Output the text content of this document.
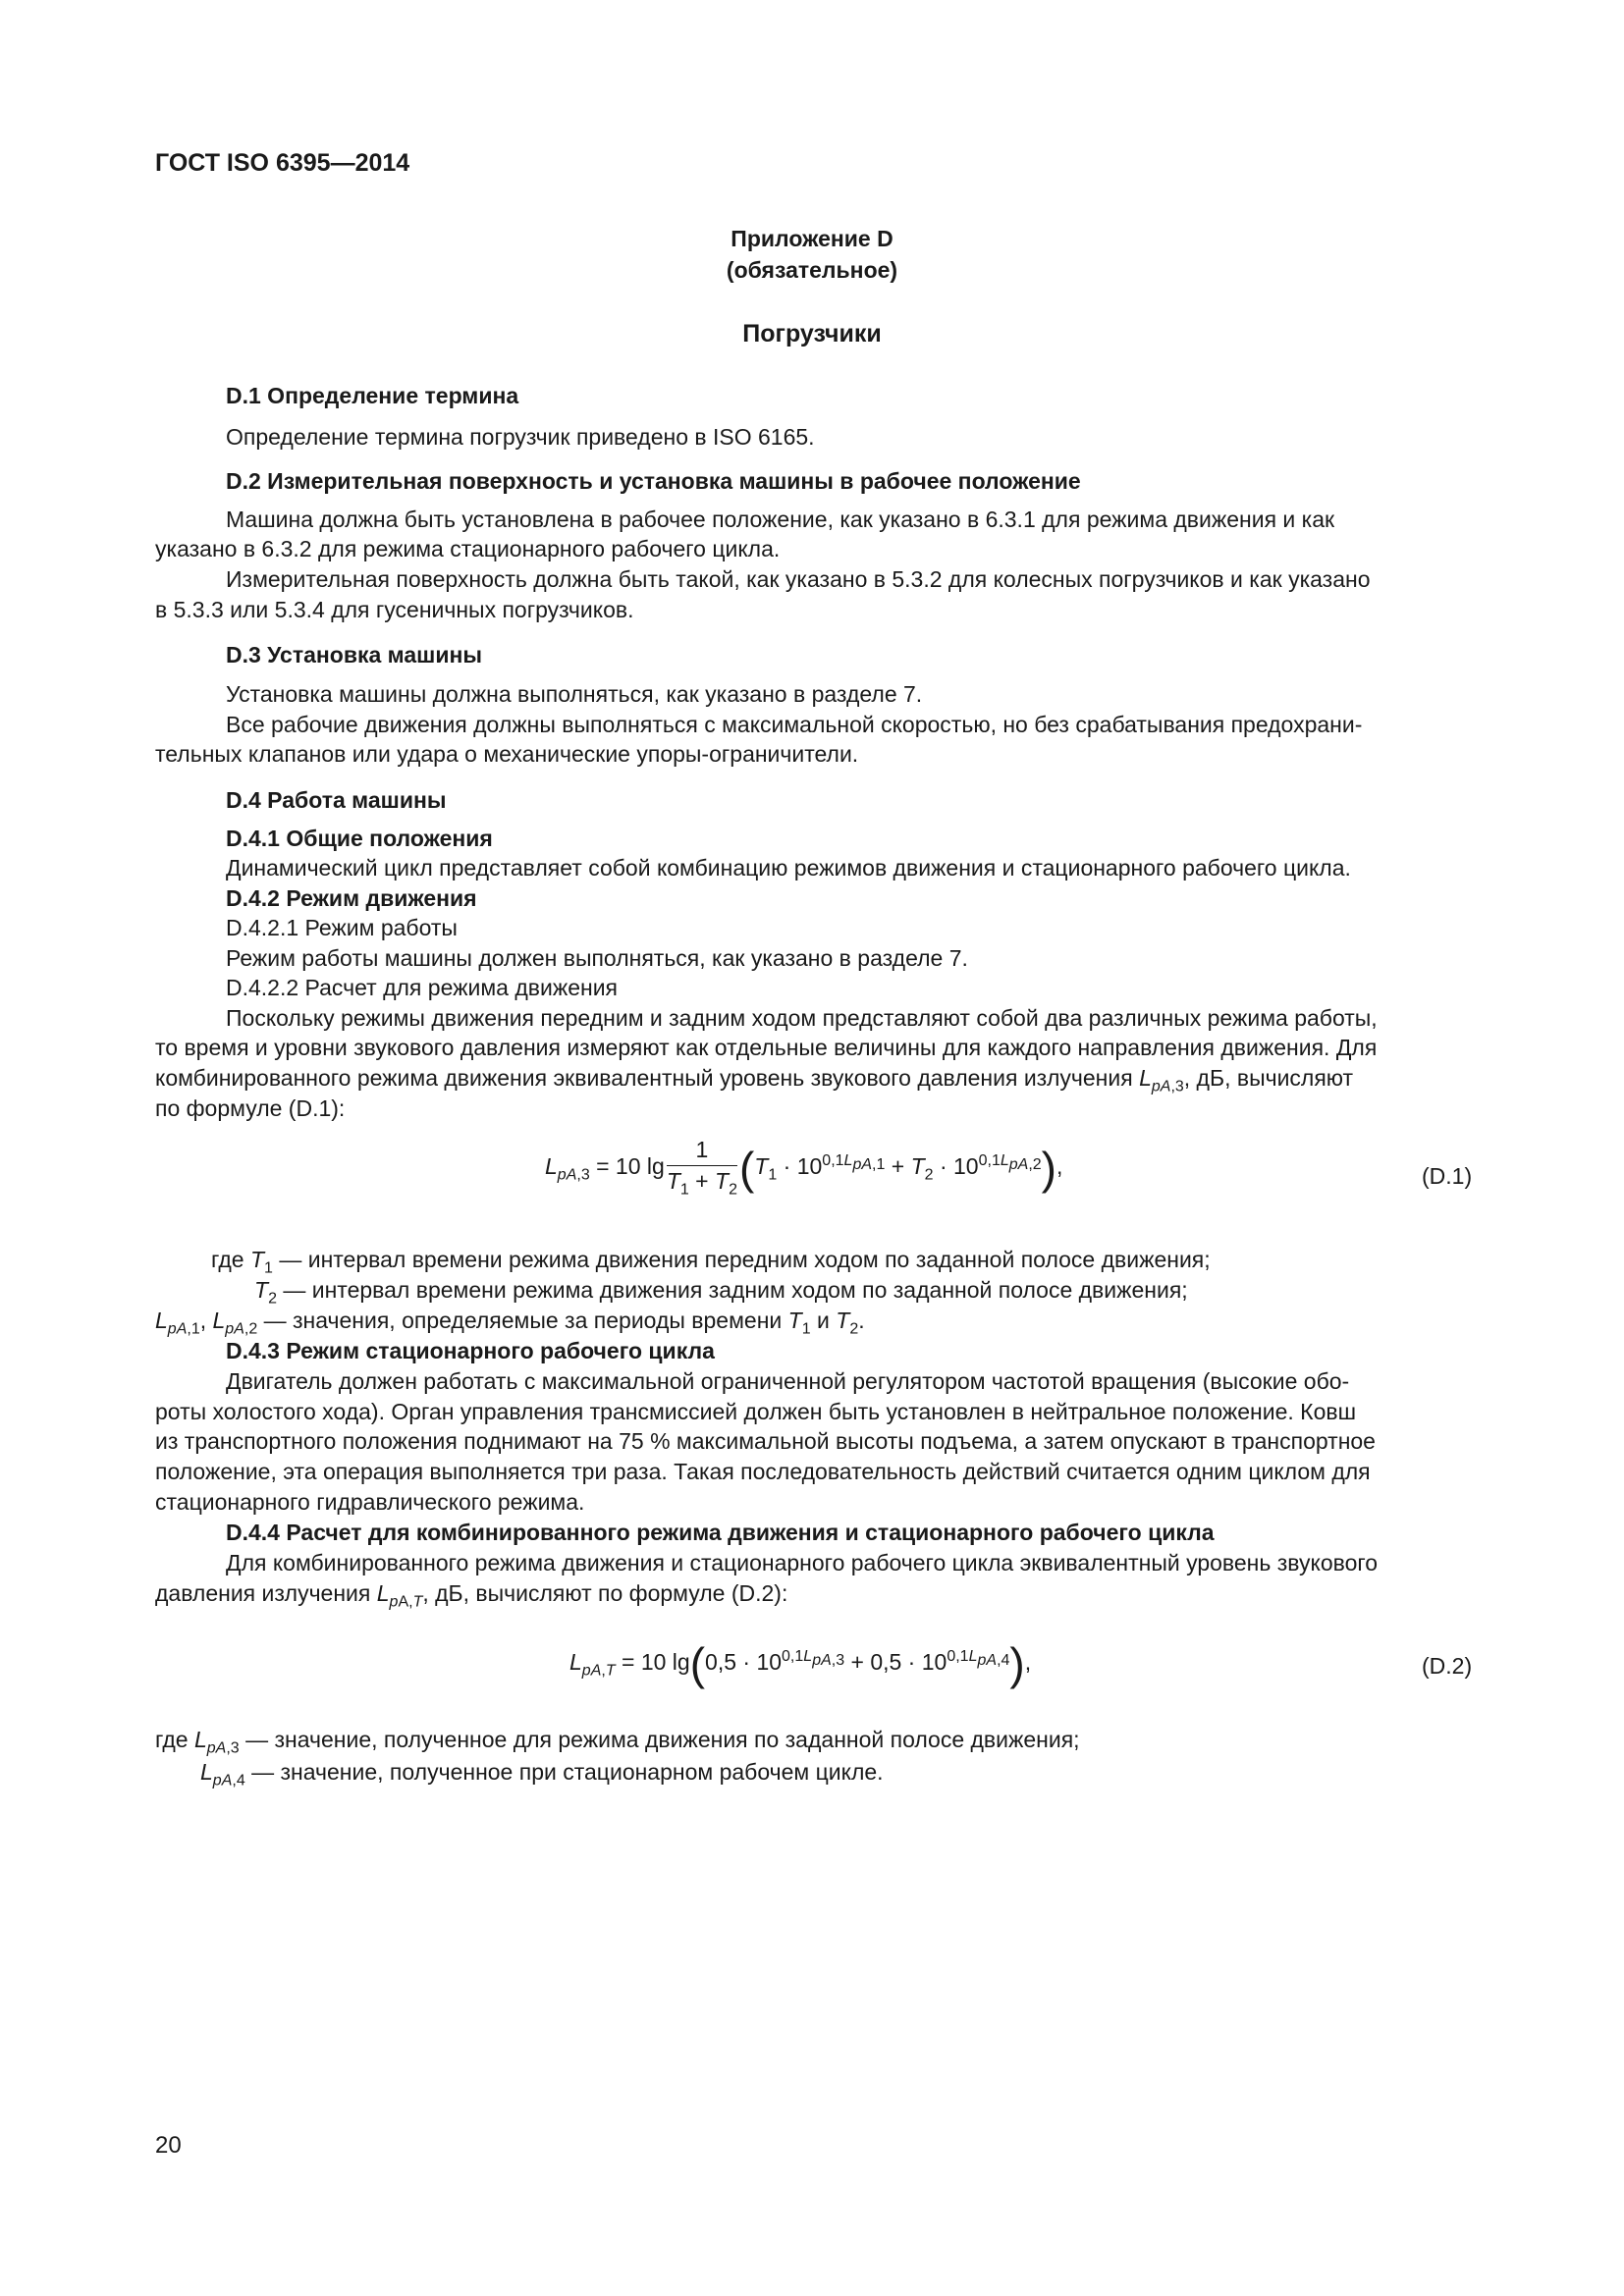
ГОСТ ISO 6395—2014
Приложение D
(обязательное)
Погрузчики
D.1 Определение термина
Определение термина погрузчик приведено в ISO 6165.
D.2 Измерительная поверхность и установка машины в рабочее положение
Машина должна быть установлена в рабочее положение, как указано в 6.3.1 для режима движения и как
указано в 6.3.2 для режима стационарного рабочего цикла.
Измерительная поверхность должна быть такой, как указано в 5.3.2 для колесных погрузчиков и как указано
в 5.3.3 или 5.3.4 для гусеничных погрузчиков.
D.3 Установка машины
Установка машины должна выполняться, как указано в разделе 7.
Все рабочие движения должны выполняться с максимальной скоростью, но без срабатывания предохрани-
тельных клапанов или удара о механические упоры-ограничители.
D.4 Работа машины
D.4.1 Общие положения
Динамический цикл представляет собой комбинацию режимов движения и стационарного рабочего цикла.
D.4.2 Режим движения
D.4.2.1 Режим работы
Режим работы машины должен выполняться, как указано в разделе 7.
D.4.2.2 Расчет для режима движения
Поскольку режимы движения передним и задним ходом представляют собой два различных режима работы,
то время и уровни звукового давления измеряют как отдельные величины для каждого направления движения. Для
комбинированного режима движения эквивалентный уровень звукового давления излучения $L_{pA,3}$, дБ, вычисляют
по формуле (D.1):
$L_{pA,3} = 10$ $\lg \frac{1}{T_1 + T_2} (T_1 \cdot 10^{0,1L_{pA,1}} + T_2 \cdot 10^{0,1L_{pA,2}})$,	(D.1)
где $T_1$ — интервал времени режима движения передним ходом по заданной полосе движения;
$T_2$ — интервал времени режима движения задним ходом по заданной полосе движения;
$L_{pA,1}$, $L_{pA,2}$ — значения, определяемые за периоды времени $T_1$ и $T_2$.
D.4.3 Режим стационарного рабочего цикла
Двигатель должен работать с максимальной ограниченной регулятором частотой вращения (высокие обо-
роты холостого хода). Орган управления трансмиссией должен быть установлен в нейтральное положение. Ковш
из транспортного положения поднимают на 75 % максимальной высоты подъема, а затем опускают в транспортное
положение, эта операция выполняется три раза. Такая последовательность действий считается одним циклом для
стационарного гидравлического режима.
D.4.4 Расчет для комбинированного режима движения и стационарного рабочего цикла
Для комбинированного режима движения и стационарного рабочего цикла эквивалентный уровень звукового
давления излучения $L_{pA,T}$, дБ, вычисляют по формуле (D.2):
$L_{pA,T} = 10$ $\lg(0,5 \cdot 10^{0,1L_{pA,3}} + 0,5 \cdot 10^{0,1L_{pA,4}})$,	(D.2)
где $L_{pA,3}$ — значение, полученное для режима движения по заданной полосе движения;
$L_{pA,4}$ — значение, полученное при стационарном рабочем цикле.
20
